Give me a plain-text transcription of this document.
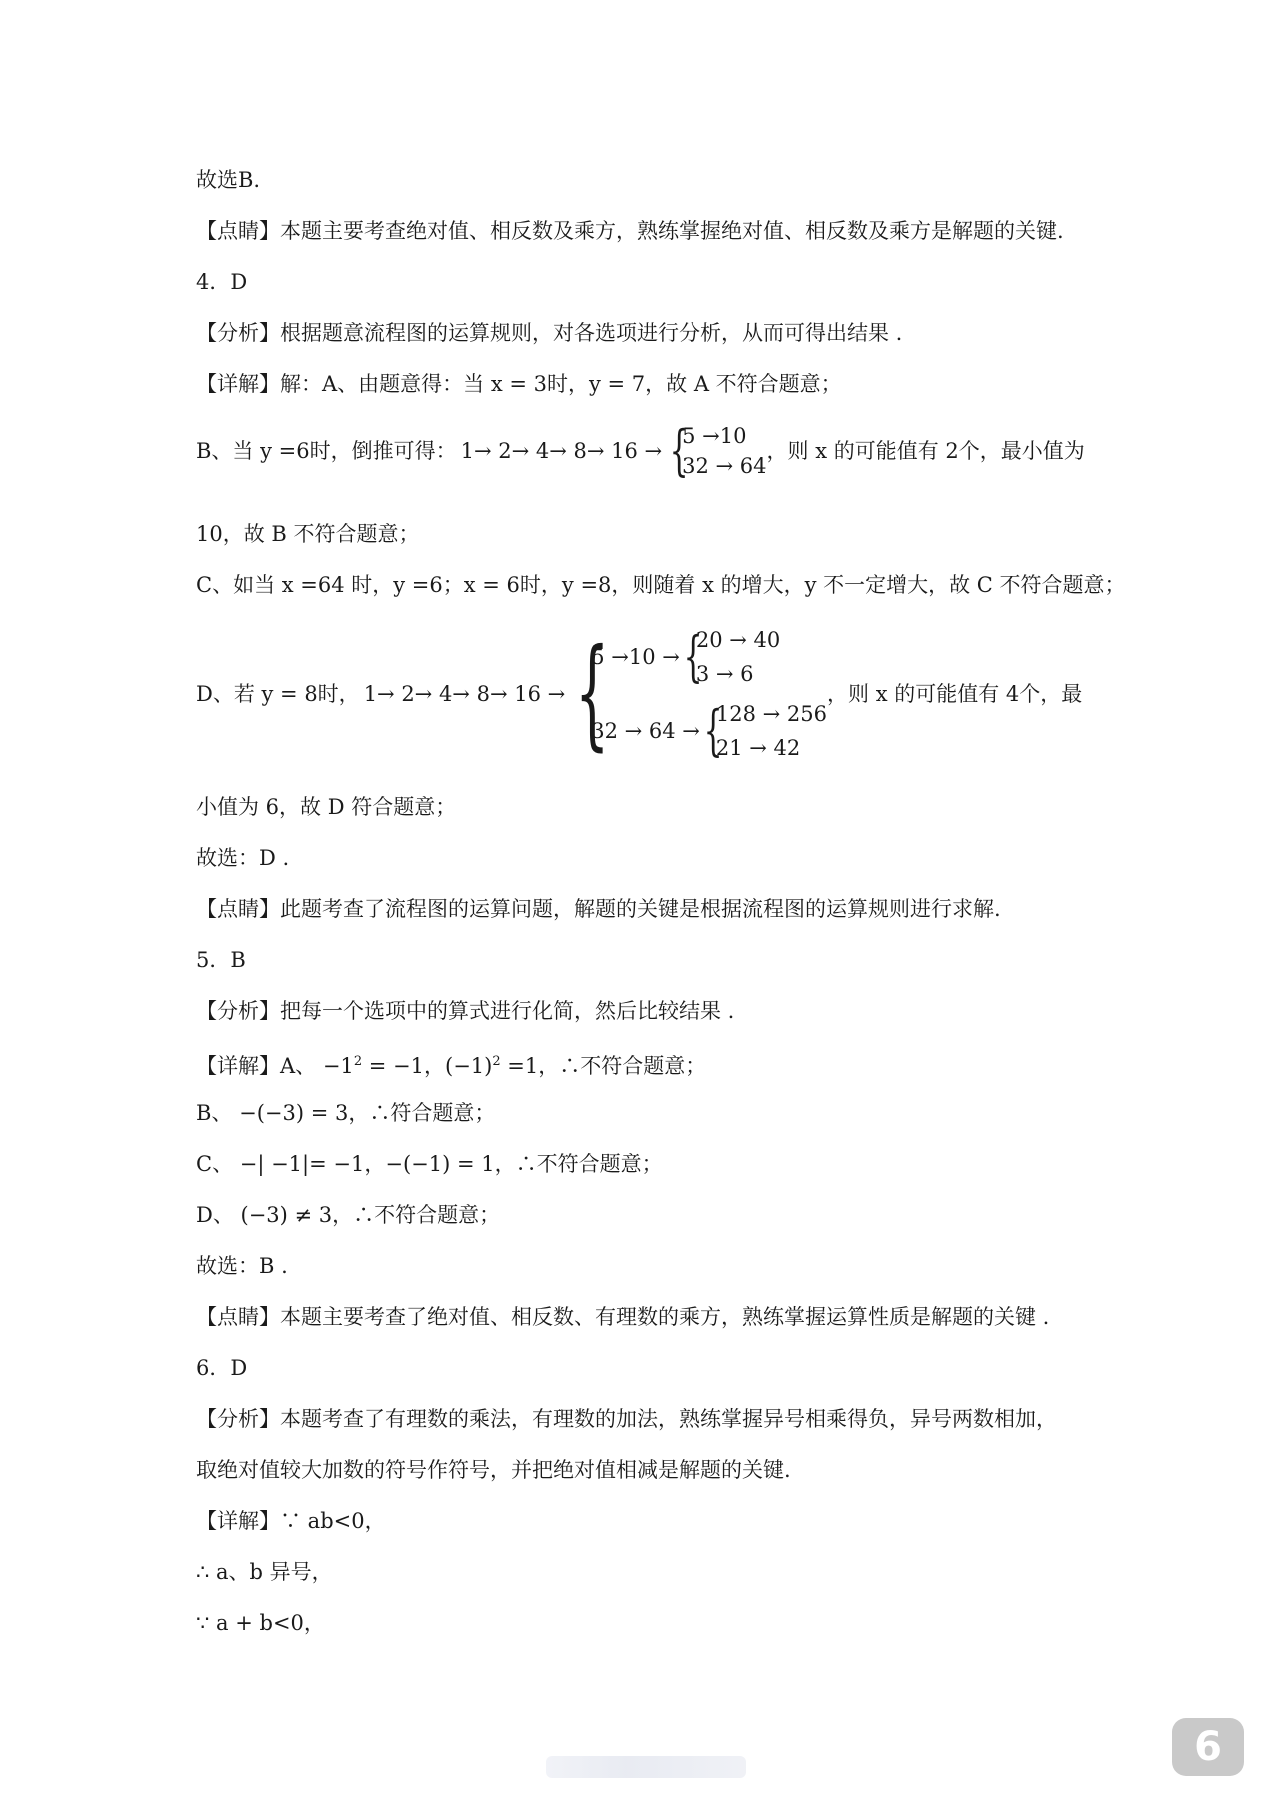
故选B.
【点睛】本题主要考查绝对值、相反数及乘方，熟练掌握绝对值、相反数及乘方是解题的关键.
4．D
【分析】根据题意流程图的运算规则，对各选项进行分析，从而可得出结果 .
【详解】解：A、由题意得：当 x = 3时，y = 7，故 A 不符合题意；
B、当 y =6时，倒推可得： 1→ 2→ 4→ 8→ 16 → {
5 →10
32 → 64
，则 x 的可能值有 2个，最小值为
10，故 B 不符合题意；
C、如当 x =64 时，y =6；x = 6时，y =8，则随着 x 的增大，y 不一定增大，故 C 不符合题意；
D、若 y = 8时， 1→ 2→ 4→ 8→ 16 → {
5 →10 → {
20 → 40
3 → 6
32 → 64 → {
128 → 256
21 → 42
，则 x 的可能值有 4个，最
小值为 6，故 D 符合题意；
故选：D .
【点睛】此题考查了流程图的运算问题，解题的关键是根据流程图的运算规则进行求解.
5．B
【分析】把每一个选项中的算式进行化简，然后比较结果 .
【详解】A、 $-1^2 = -1$，$(-1)^2 =1$，∴不符合题意；
B、 −(−3) = 3，∴符合题意；
C、 −| −1|= −1，−(−1) = 1，∴不符合题意；
D、 (−3) ≠ 3，∴不符合题意；
故选：B .
【点睛】本题主要考查了绝对值、相反数、有理数的乘方，熟练掌握运算性质是解题的关键 .
6．D
【分析】本题考查了有理数的乘法，有理数的加法，熟练掌握异号相乘得负，异号两数相加，
取绝对值较大加数的符号作符号，并把绝对值相减是解题的关键.
【详解】∵ ab<0，
∴ a、b 异号，
∵ a + b<0，
6
